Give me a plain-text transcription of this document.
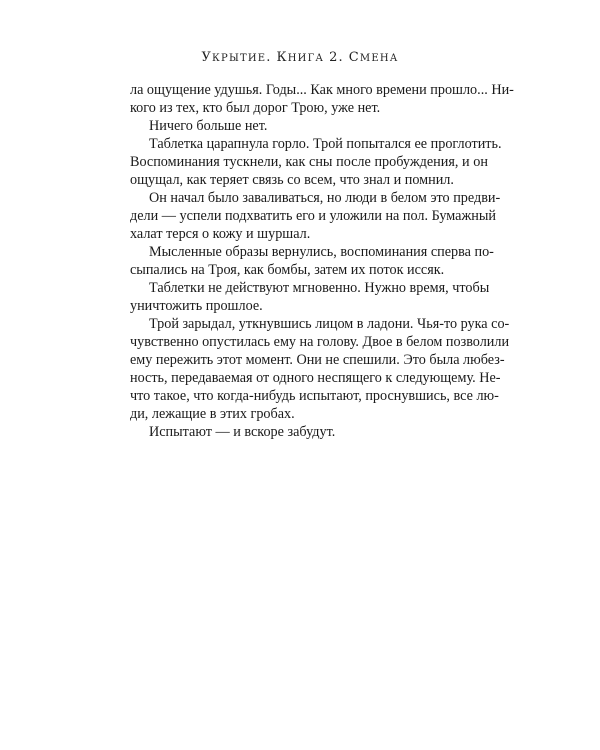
УКРЫТИЕ. КНИГА 2. СМЕНА
ла ощущение удушья. Годы... Как много времени прошло... Ни-
кого из тех, кто был дорог Трою, уже нет.
Ничего больше нет.
Таблетка царапнула горло. Трой попытался ее проглотить.
Воспоминания тускнели, как сны после пробуждения, и он
ощущал, как теряет связь со всем, что знал и помнил.
Он начал было заваливаться, но люди в белом это предви-
дели — успели подхватить его и уложили на пол. Бумажный
халат терся о кожу и шуршал.
Мысленные образы вернулись, воспоминания сперва по-
сыпались на Троя, как бомбы, затем их поток иссяк.
Таблетки не действуют мгновенно. Нужно время, чтобы
уничтожить прошлое.
Трой зарыдал, уткнувшись лицом в ладони. Чья-то рука со-
чувственно опустилась ему на голову. Двое в белом позволили
ему пережить этот момент. Они не спешили. Это была любез-
ность, передаваемая от одного неспящего к следующему. Не-
что такое, что когда-нибудь испытают, проснувшись, все лю-
ди, лежащие в этих гробах.
Испытают — и вскоре забудут.
